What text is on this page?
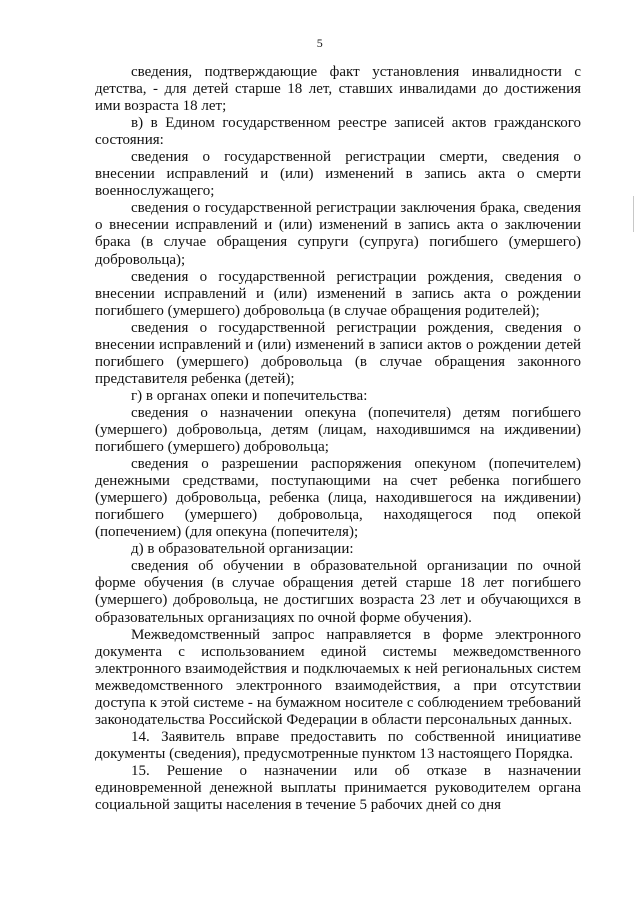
5

сведения, подтверждающие факт установления инвалидности с детства, - для детей старше 18 лет, ставших инвалидами до достижения ими возраста 18 лет;

в) в Едином государственном реестре записей актов гражданского состояния:

сведения о государственной регистрации смерти, сведения о внесении исправлений и (или) изменений в запись акта о смерти военнослужащего;

сведения о государственной регистрации заключения брака, сведения о внесении исправлений и (или) изменений в запись акта о заключении брака (в случае обращения супруги (супруга) погибшего (умершего) добровольца);

сведения о государственной регистрации рождения, сведения о внесении исправлений и (или) изменений в запись акта о рождении погибшего (умершего) добровольца (в случае обращения родителей);

сведения о государственной регистрации рождения, сведения о внесении исправлений и (или) изменений в записи актов о рождении детей погибшего (умершего) добровольца (в случае обращения законного представителя ребенка (детей);

г) в органах опеки и попечительства:

сведения о назначении опекуна (попечителя) детям погибшего (умершего) добровольца, детям (лицам, находившимся на иждивении) погибшего (умершего) добровольца;

сведения о разрешении распоряжения опекуном (попечителем) денежными средствами, поступающими на счет ребенка погибшего (умершего) добровольца, ребенка (лица, находившегося на иждивении) погибшего (умершего) добровольца, находящегося под опекой (попечением) (для опекуна (попечителя);

д) в образовательной организации:

сведения об обучении в образовательной организации по очной форме обучения (в случае обращения детей старше 18 лет погибшего (умершего) добровольца, не достигших возраста 23 лет и обучающихся в образовательных организациях по очной форме обучения).

Межведомственный запрос направляется в форме электронного документа с использованием единой системы межведомственного электронного взаимодействия и подключаемых к ней региональных систем межведомственного электронного взаимодействия, а при отсутствии доступа к этой системе - на бумажном носителе с соблюдением требований законодательства Российской Федерации в области персональных данных.

14. Заявитель вправе предоставить по собственной инициативе документы (сведения), предусмотренные пунктом 13 настоящего Порядка.

15. Решение о назначении или об отказе в назначении единовременной денежной выплаты принимается руководителем органа социальной защиты населения в течение 5 рабочих дней со дня
